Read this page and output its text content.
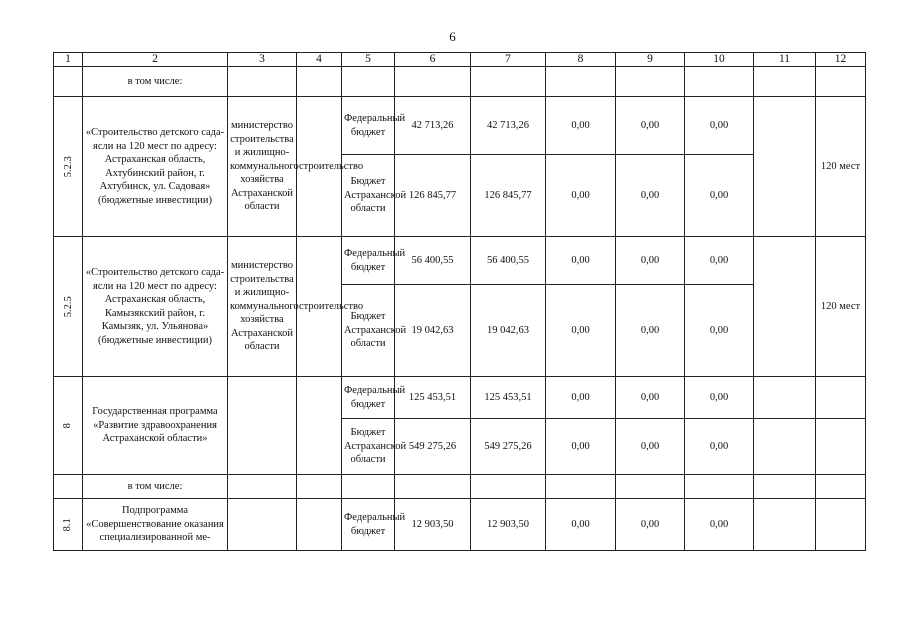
6
1	2	3	4	5	6	7	8	9	10	11	12
	в том числе:										
5.2.3	«Строительство детского сада-ясли на 120 мест по адресу: Астраханская область, Ахтубинский район, г. Ахтубинск, ул. Садовая» (бюджетные инвестиции)	министерство строительства и жилищно-коммунального хозяйства Астраханской области	строительство	Федеральный бюджет	42 713,26	42 713,26	0,00	0,00	0,00		120 мест
				Бюджет Астраханской области	126 845,77	126 845,77	0,00	0,00	0,00		
5.2.5	«Строительство детского сада-ясли на 120 мест по адресу: Астраханская область, Камызякский район, г. Камызяк, ул. Ульянова» (бюджетные инвестиции)	министерство строительства и жилищно-коммунального хозяйства Астраханской области	строительство	Федеральный бюджет	56 400,55	56 400,55	0,00	0,00	0,00		120 мест
				Бюджет Астраханской области	19 042,63	19 042,63	0,00	0,00	0,00		
8	Государственная программа «Развитие здравоохранения Астраханской области»			Федеральный бюджет	125 453,51	125 453,51	0,00	0,00	0,00		
				Бюджет Астраханской области	549 275,26	549 275,26	0,00	0,00	0,00		
	в том числе:										
8.1	Подпрограмма «Совершенствование оказания специализированной ме-			Федеральный бюджет	12 903,50	12 903,50	0,00	0,00	0,00		
